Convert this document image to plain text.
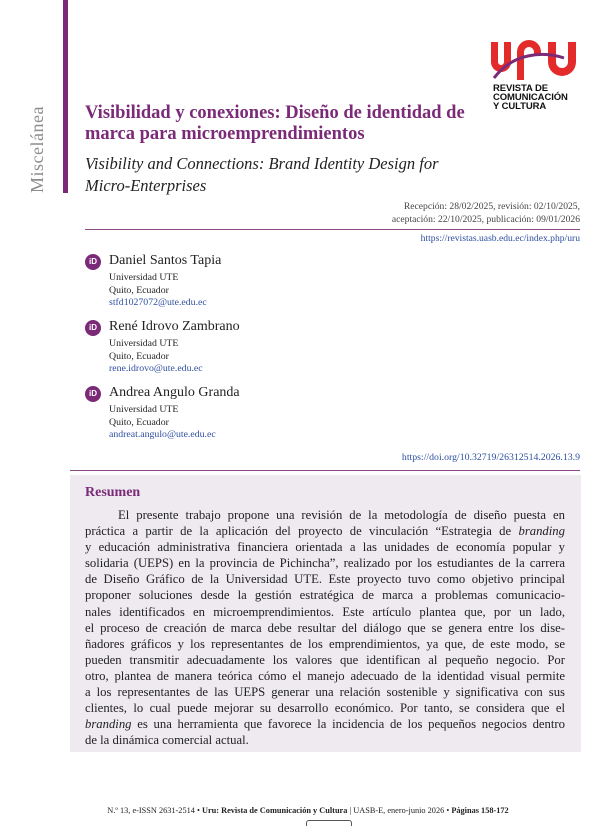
Misceláneа
REVISTA DE
COMUNICACIÓN
Y CULTURA
Visibilidad y conexiones: Diseño de identidad de marca para microemprendimientos
Visibility and Connections: Brand Identity Design for Micro-Enterprises
Recepción: 28/02/2025, revisión: 02/10/2025,
aceptación: 22/10/2025, publicación: 09/01/2026
https://revistas.uasb.edu.ec/index.php/uru
iD Daniel Santos Tapia
Universidad UTE
Quito, Ecuador
stfd1027072@ute.edu.ec
iD René Idrovo Zambrano
Universidad UTE
Quito, Ecuador
rene.idrovo@ute.edu.ec
iD Andrea Angulo Granda
Universidad UTE
Quito, Ecuador
andreat.angulo@ute.edu.ec
https://doi.org/10.32719/26312514.2026.13.9
Resumen
El presente trabajo propone una revisión de la metodología de diseño puesta en
práctica a partir de la aplicación del proyecto de vinculación “Estrategia de branding
y educación administrativa financiera orientada a las unidades de economía popular y
solidaria (UEPS) en la provincia de Pichincha”, realizado por los estudiantes de la carrera
de Diseño Gráfico de la Universidad UTE. Este proyecto tuvo como objetivo principal
proponer soluciones desde la gestión estratégica de marca a problemas comunicacio-
nales identificados en microemprendimientos. Este artículo plantea que, por un lado,
el proceso de creación de marca debe resultar del diálogo que se genera entre los dise-
ñadores gráficos y los representantes de los emprendimientos, ya que, de este modo, se
pueden transmitir adecuadamente los valores que identifican al pequeño negocio. Por
otro, plantea de manera teórica cómo el manejo adecuado de la identidad visual permite
a los representantes de las UEPS generar una relación sostenible y significativa con sus
clientes, lo cual puede mejorar su desarrollo económico. Por tanto, se considera que el
branding es una herramienta que favorece la incidencia de los pequeños negocios dentro
de la dinámica comercial actual.
N.º 13, e-ISSN 2631-2514 • Uru: Revista de Comunicación y Cultura | UASB-E, enero-junio 2026 • Páginas 158-172
